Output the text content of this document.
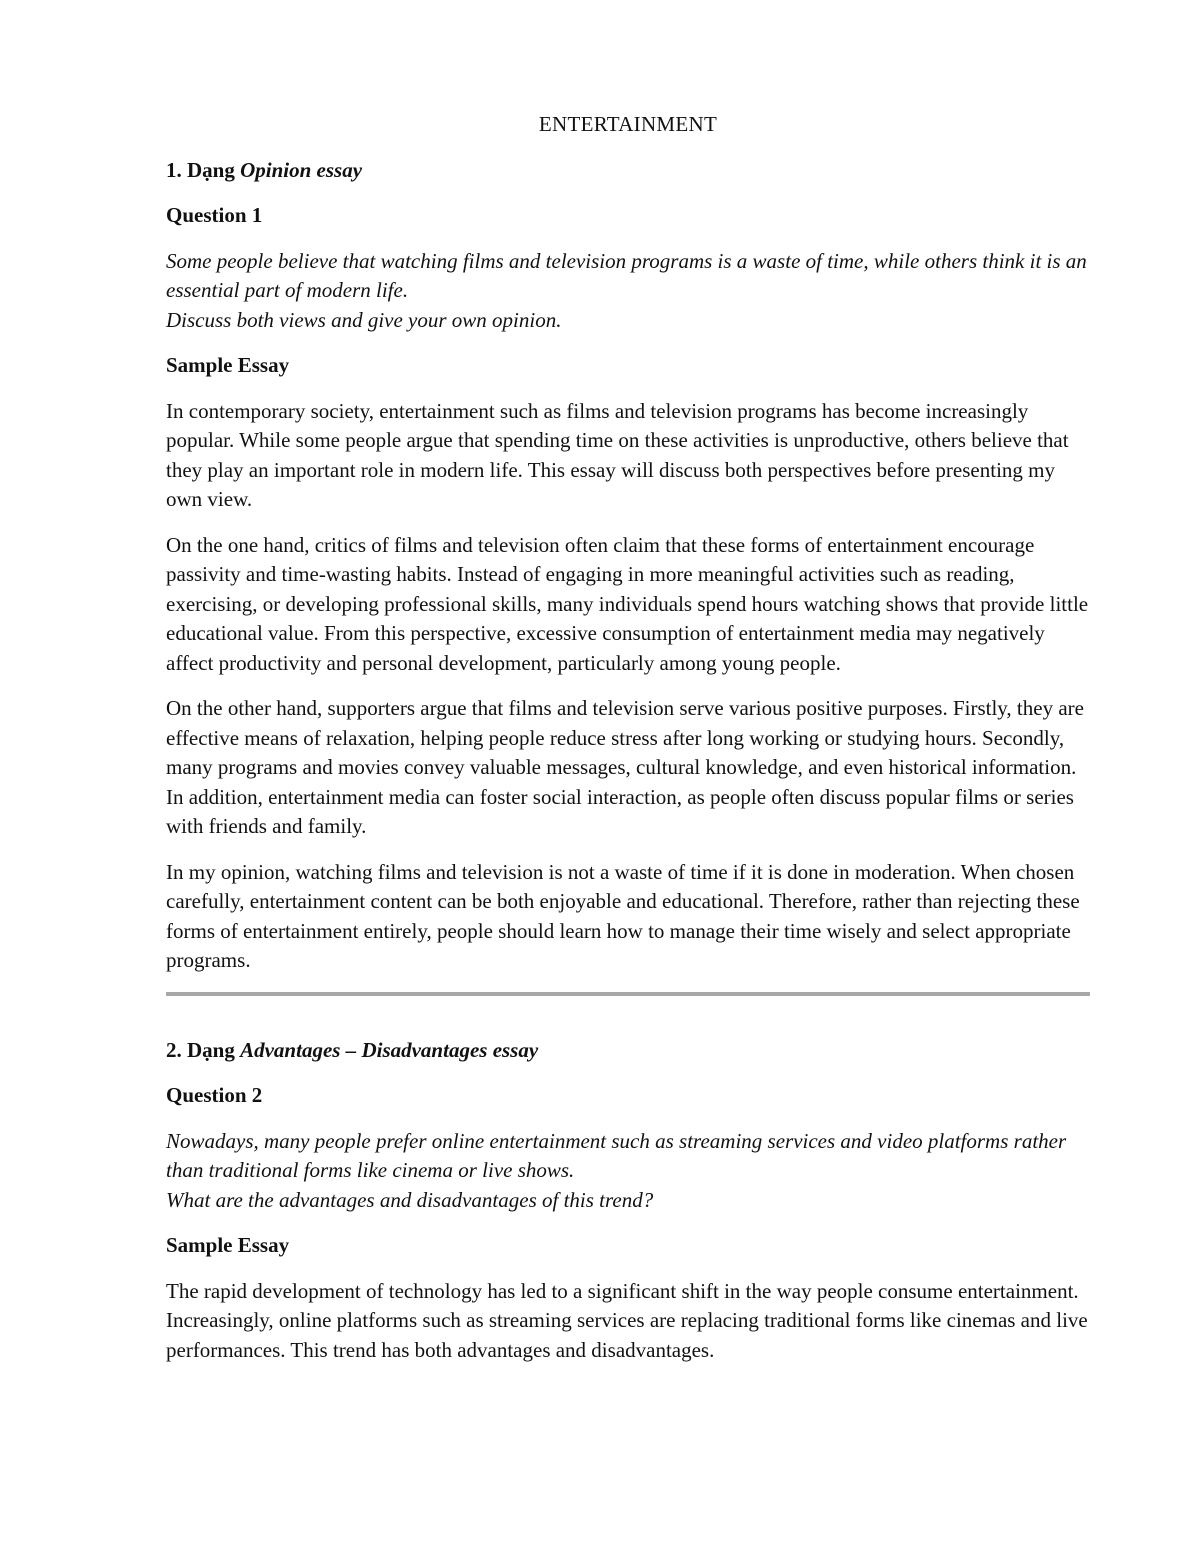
ENTERTAINMENT
1. Dạng Opinion essay
Question 1
Some people believe that watching films and television programs is a waste of time, while others think it is an essential part of modern life.
Discuss both views and give your own opinion.
Sample Essay

In contemporary society, entertainment such as films and television programs has become increasingly popular. While some people argue that spending time on these activities is unproductive, others believe that they play an important role in modern life. This essay will discuss both perspectives before presenting my own view.

On the one hand, critics of films and television often claim that these forms of entertainment encourage passivity and time-wasting habits. Instead of engaging in more meaningful activities such as reading, exercising, or developing professional skills, many individuals spend hours watching shows that provide little educational value. From this perspective, excessive consumption of entertainment media may negatively affect productivity and personal development, particularly among young people.

On the other hand, supporters argue that films and television serve various positive purposes. Firstly, they are effective means of relaxation, helping people reduce stress after long working or studying hours. Secondly, many programs and movies convey valuable messages, cultural knowledge, and even historical information. In addition, entertainment media can foster social interaction, as people often discuss popular films or series with friends and family.

In my opinion, watching films and television is not a waste of time if it is done in moderation. When chosen carefully, entertainment content can be both enjoyable and educational. Therefore, rather than rejecting these forms of entertainment entirely, people should learn how to manage their time wisely and select appropriate programs.

2. Dạng Advantages – Disadvantages essay
Question 2
Nowadays, many people prefer online entertainment such as streaming services and video platforms rather than traditional forms like cinema or live shows.
What are the advantages and disadvantages of this trend?
Sample Essay

The rapid development of technology has led to a significant shift in the way people consume entertainment. Increasingly, online platforms such as streaming services are replacing traditional forms like cinemas and live performances. This trend has both advantages and disadvantages.
